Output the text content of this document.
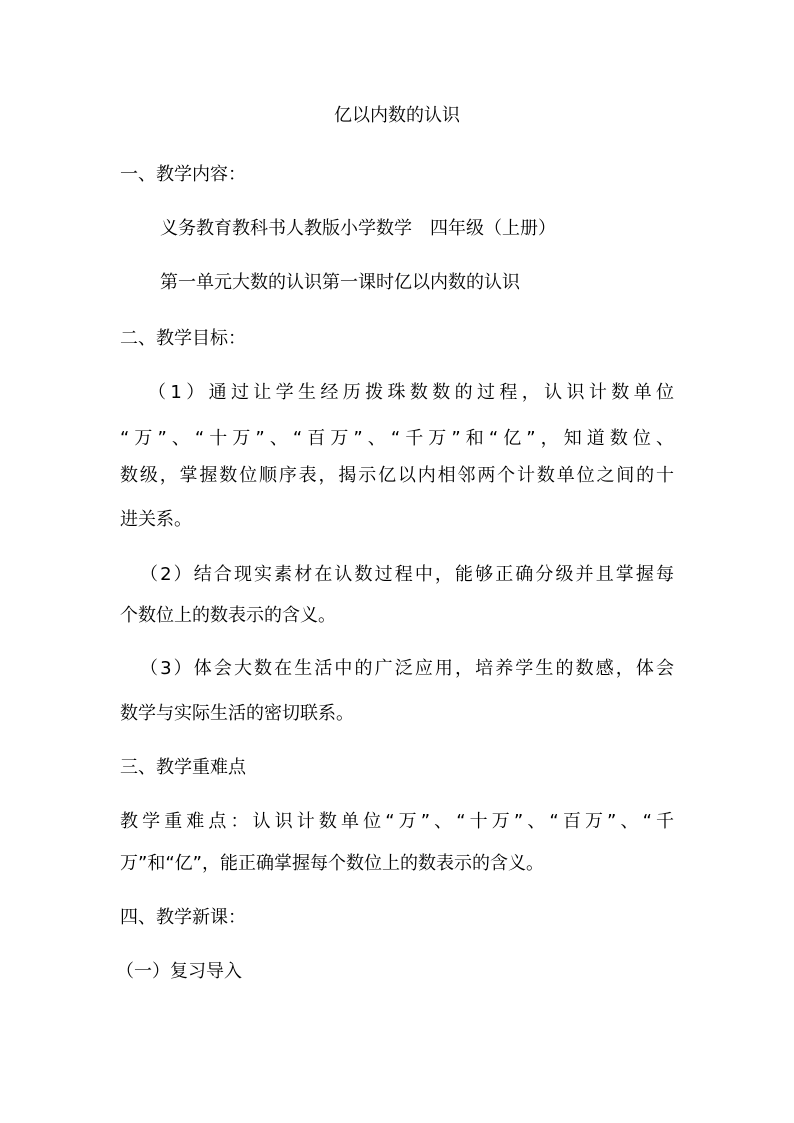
亿以内数的认识
一、教学内容：
义务教育教科书人教版小学数学　四年级（上册）
第一单元大数的认识第一课时亿以内数的认识
二、教学目标：
（1）通过让学生经历拨珠数数的过程，认识计数单位
“万”、“十万”、“百万”、“千万”和“亿”，知道数位、
数级，掌握数位顺序表，揭示亿以内相邻两个计数单位之间的十
进关系。
（2）结合现实素材在认数过程中，能够正确分级并且掌握每
个数位上的数表示的含义。
（3）体会大数在生活中的广泛应用，培养学生的数感，体会
数学与实际生活的密切联系。
三、教学重难点
教学重难点：认识计数单位“万”、“十万”、“百万”、“千
万”和“亿”，能正确掌握每个数位上的数表示的含义。
四、教学新课：
（一）复习导入
